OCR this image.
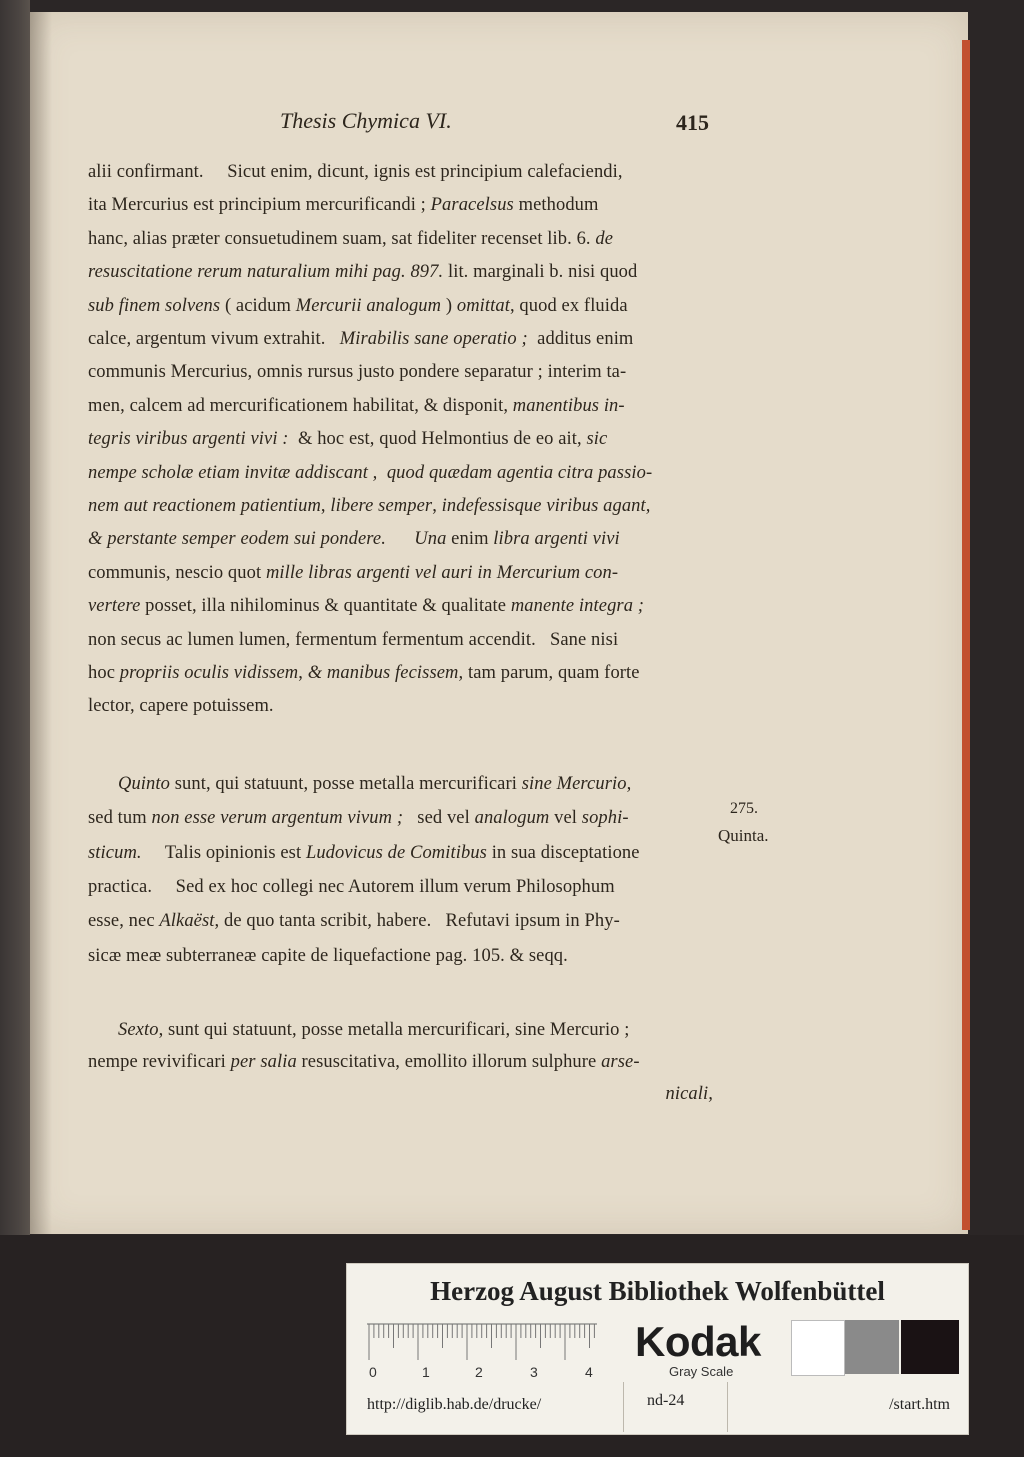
Thesis Chymica VI.	415
alii confirmant.     Sicut enim, dicunt, ignis est principium calefaciendi,
ita Mercurius est principium mercurificandi ; Paracelsus methodum
hanc, alias præter consuetudinem suam, sat fideliter recenset lib. 6. de
resuscitatione rerum naturalium mihi pag. 897. lit. marginali b. nisi quod
sub finem solvens ( acidum Mercurii analogum ) omittat, quod ex fluida
calce, argentum vivum extrahit.   Mirabilis sane operatio ;  additus enim
communis Mercurius, omnis rursus justo pondere separatur ; interim ta-
men, calcem ad mercurificationem habilitat, & disponit, manentibus in-
tegris viribus argenti vivi :  & hoc est, quod Helmontius de eo ait, sic
nempe scholæ etiam invitæ addiscant ,  quod quædam agentia citra passio-
nem aut reactionem patientium, libere semper, indefessisque viribus agant,
& perstante semper eodem sui pondere.      Una enim libra argenti vivi
communis, nescio quot mille libras argenti vel auri in Mercurium con-
vertere posset, illa nihilominus & quantitate & qualitate manente integra ;
non secus ac lumen lumen, fermentum fermentum accendit.   Sane nisi
hoc propriis oculis vidissem, & manibus fecissem, tam parum, quam forte
lector, capere potuissem.
Quinto sunt, qui statuunt, posse metalla mercurificari sine Mercurio,
sed tum non esse verum argentum vivum ;   sed vel analogum vel sophi-
sticum.     Talis opinionis est Ludovicus de Comitibus in sua disceptatione
practica.     Sed ex hoc collegi nec Autorem illum verum Philosophum
esse, nec Alkaëst, de quo tanta scribit, habere.   Refutavi ipsum in Phy-
sicæ meæ subterraneæ capite de liquefactione pag. 105. & seqq.
Sexto, sunt qui statuunt, posse metalla mercurificari, sine Mercurio ;
nempe revivificari per salia resuscitativa, emollito illorum sulphure arse-
275.
Quinta.
nicali,
Herzog August Bibliothek Wolfenbüttel
0	1	2	3	4
Kodak
Gray Scale
http://diglib.hab.de/drucke/	nd-24	/start.htm
